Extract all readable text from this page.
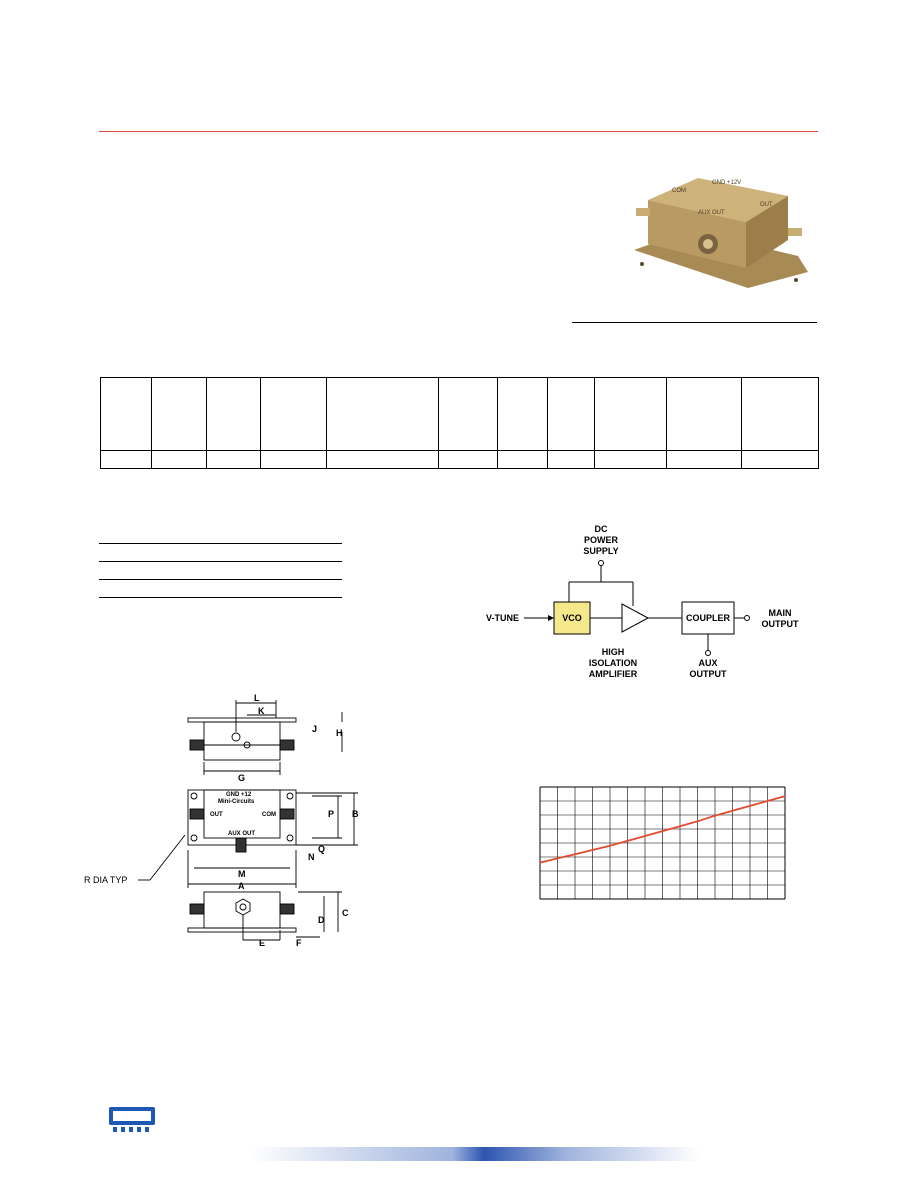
GND +12V
OUT
AUX OUT
COM

DC
POWER
SUPPLY
V-TUNE	VCO	COUPLER	MAIN
OUTPUT
AUX
OUTPUT
HIGH
ISOLATION
AMPLIFIER
L
K
J H
G
B
P
Q
N
M
A
C
D
E	F
OUT	COM
AUX OUT
GND +12
Mini-Circuits
R DIA TYP
